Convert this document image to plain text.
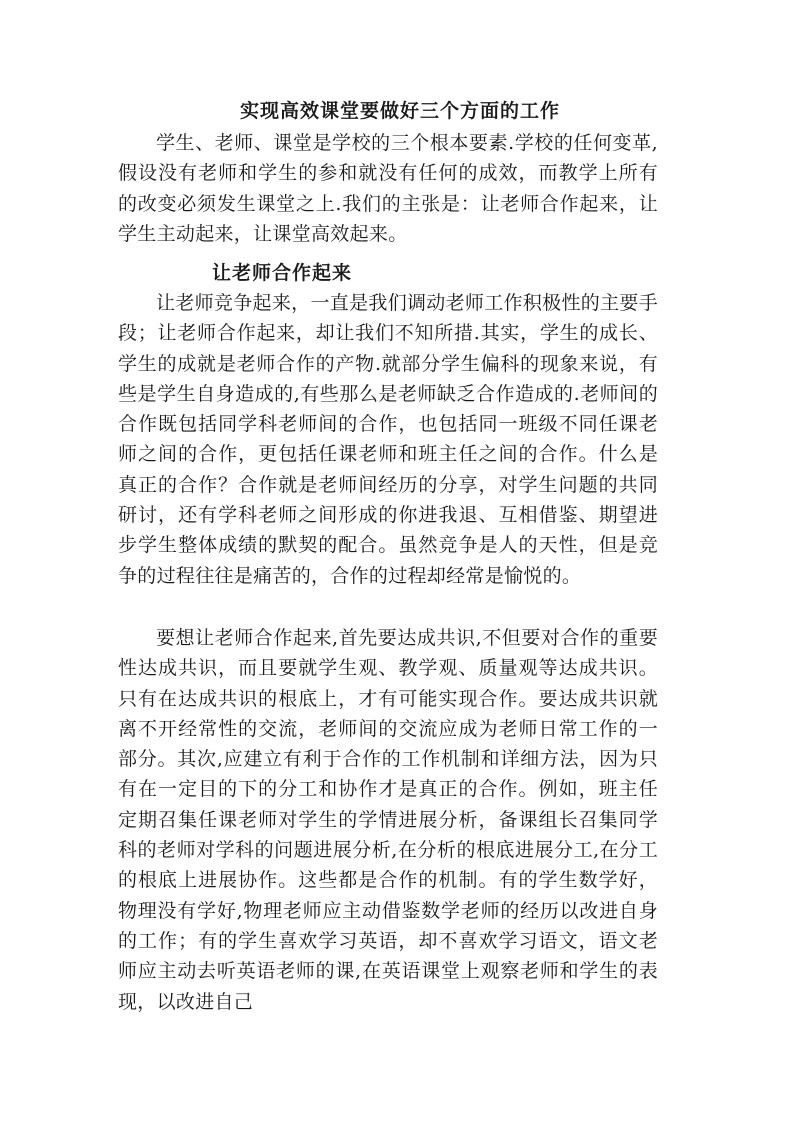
实现高效课堂要做好三个方面的工作

学生、老师、课堂是学校的三个根本要素.学校的任何变革,假设没有老师和学生的参和就没有任何的成效，而教学上所有的改变必须发生课堂之上.我们的主张是：让老师合作起来，让学生主动起来，让课堂高效起来。

让老师合作起来

让老师竞争起来，一直是我们调动老师工作积极性的主要手段；让老师合作起来，却让我们不知所措.其实，学生的成长、学生的成就是老师合作的产物.就部分学生偏科的现象来说，有些是学生自身造成的,有些那么是老师缺乏合作造成的.老师间的合作既包括同学科老师间的合作，也包括同一班级不同任课老师之间的合作，更包括任课老师和班主任之间的合作。什么是真正的合作？合作就是老师间经历的分享，对学生问题的共同研讨，还有学科老师之间形成的你进我退、互相借鉴、期望进步学生整体成绩的默契的配合。虽然竞争是人的天性，但是竞争的过程往往是痛苦的，合作的过程却经常是愉悦的。

要想让老师合作起来,首先要达成共识,不但要对合作的重要性达成共识，而且要就学生观、教学观、质量观等达成共识。只有在达成共识的根底上，才有可能实现合作。要达成共识就离不开经常性的交流，老师间的交流应成为老师日常工作的一部分。其次,应建立有利于合作的工作机制和详细方法，因为只有在一定目的下的分工和协作才是真正的合作。例如，班主任定期召集任课老师对学生的学情进展分析，备课组长召集同学科的老师对学科的问题进展分析,在分析的根底进展分工,在分工的根底上进展协作。这些都是合作的机制。有的学生数学好，物理没有学好,物理老师应主动借鉴数学老师的经历以改进自身的工作；有的学生喜欢学习英语，却不喜欢学习语文，语文老师应主动去听英语老师的课,在英语课堂上观察老师和学生的表现，以改进自己
